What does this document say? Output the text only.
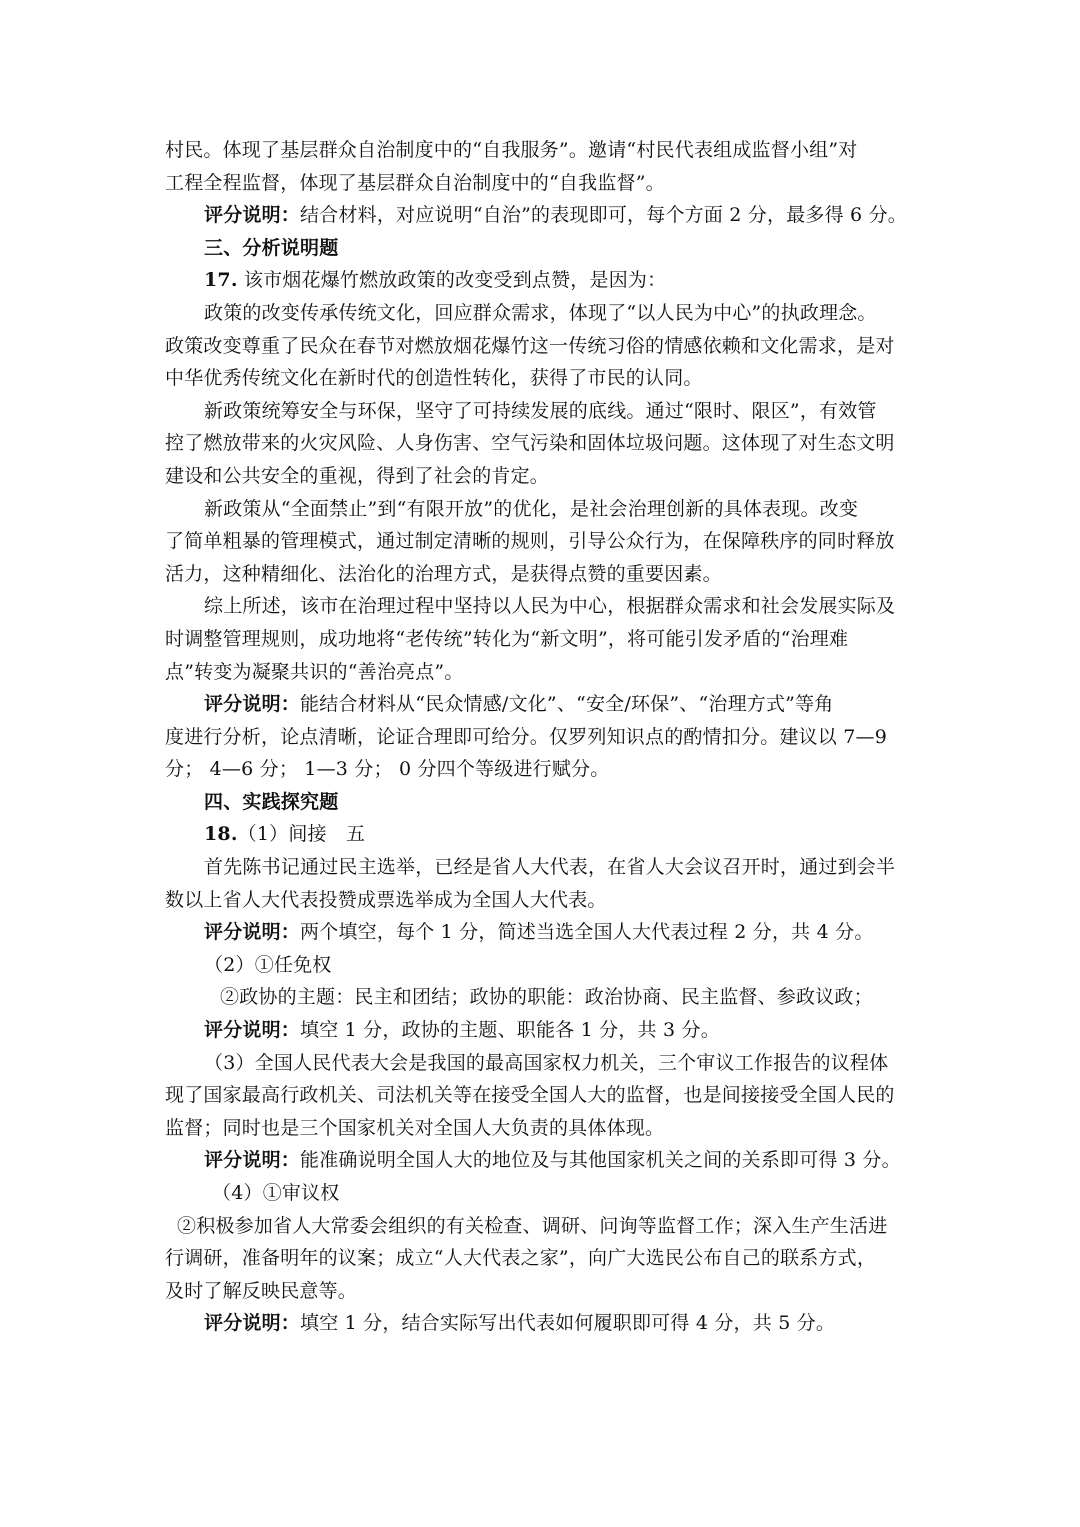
村民。体现了基层群众自治制度中的“自我服务”。邀请“村民代表组成监督小组”对
工程全程监督，体现了基层群众自治制度中的“自我监督”。
评分说明：结合材料，对应说明“自治”的表现即可，每个方面 2 分，最多得 6 分。
三、分析说明题
17. 该市烟花爆竹燃放政策的改变受到点赞，是因为：
政策的改变传承传统文化，回应群众需求，体现了“以人民为中心”的执政理念。
政策改变尊重了民众在春节对燃放烟花爆竹这一传统习俗的情感依赖和文化需求，是对
中华优秀传统文化在新时代的创造性转化，获得了市民的认同。
新政策统筹安全与环保，坚守了可持续发展的底线。通过“限时、限区”，有效管
控了燃放带来的火灾风险、人身伤害、空气污染和固体垃圾问题。这体现了对生态文明
建设和公共安全的重视，得到了社会的肯定。
新政策从“全面禁止”到“有限开放”的优化，是社会治理创新的具体表现。改变
了简单粗暴的管理模式，通过制定清晰的规则，引导公众行为，在保障秩序的同时释放
活力，这种精细化、法治化的治理方式，是获得点赞的重要因素。
综上所述，该市在治理过程中坚持以人民为中心，根据群众需求和社会发展实际及
时调整管理规则，成功地将“老传统”转化为“新文明”，将可能引发矛盾的“治理难
点”转变为凝聚共识的“善治亮点”。
评分说明：能结合材料从“民众情感/文化”、“安全/环保”、“治理方式”等角
度进行分析，论点清晰，论证合理即可给分。仅罗列知识点的酌情扣分。建议以 7—9
分； 4—6 分； 1—3 分； 0 分四个等级进行赋分。
四、实践探究题
18.（1）间接　五
首先陈书记通过民主选举，已经是省人大代表，在省人大会议召开时，通过到会半
数以上省人大代表投赞成票选举成为全国人大代表。
评分说明：两个填空，每个 1 分，简述当选全国人大代表过程 2 分，共 4 分。
（2）①任免权
②政协的主题：民主和团结；政协的职能：政治协商、民主监督、参政议政；
评分说明：填空 1 分，政协的主题、职能各 1 分，共 3 分。
（3）全国人民代表大会是我国的最高国家权力机关，三个审议工作报告的议程体
现了国家最高行政机关、司法机关等在接受全国人大的监督，也是间接接受全国人民的
监督；同时也是三个国家机关对全国人大负责的具体体现。
评分说明：能准确说明全国人大的地位及与其他国家机关之间的关系即可得 3 分。
（4）①审议权
②积极参加省人大常委会组织的有关检查、调研、问询等监督工作；深入生产生活进
行调研，准备明年的议案；成立“人大代表之家”，向广大选民公布自己的联系方式，
及时了解反映民意等。
评分说明：填空 1 分，结合实际写出代表如何履职即可得 4 分，共 5 分。
